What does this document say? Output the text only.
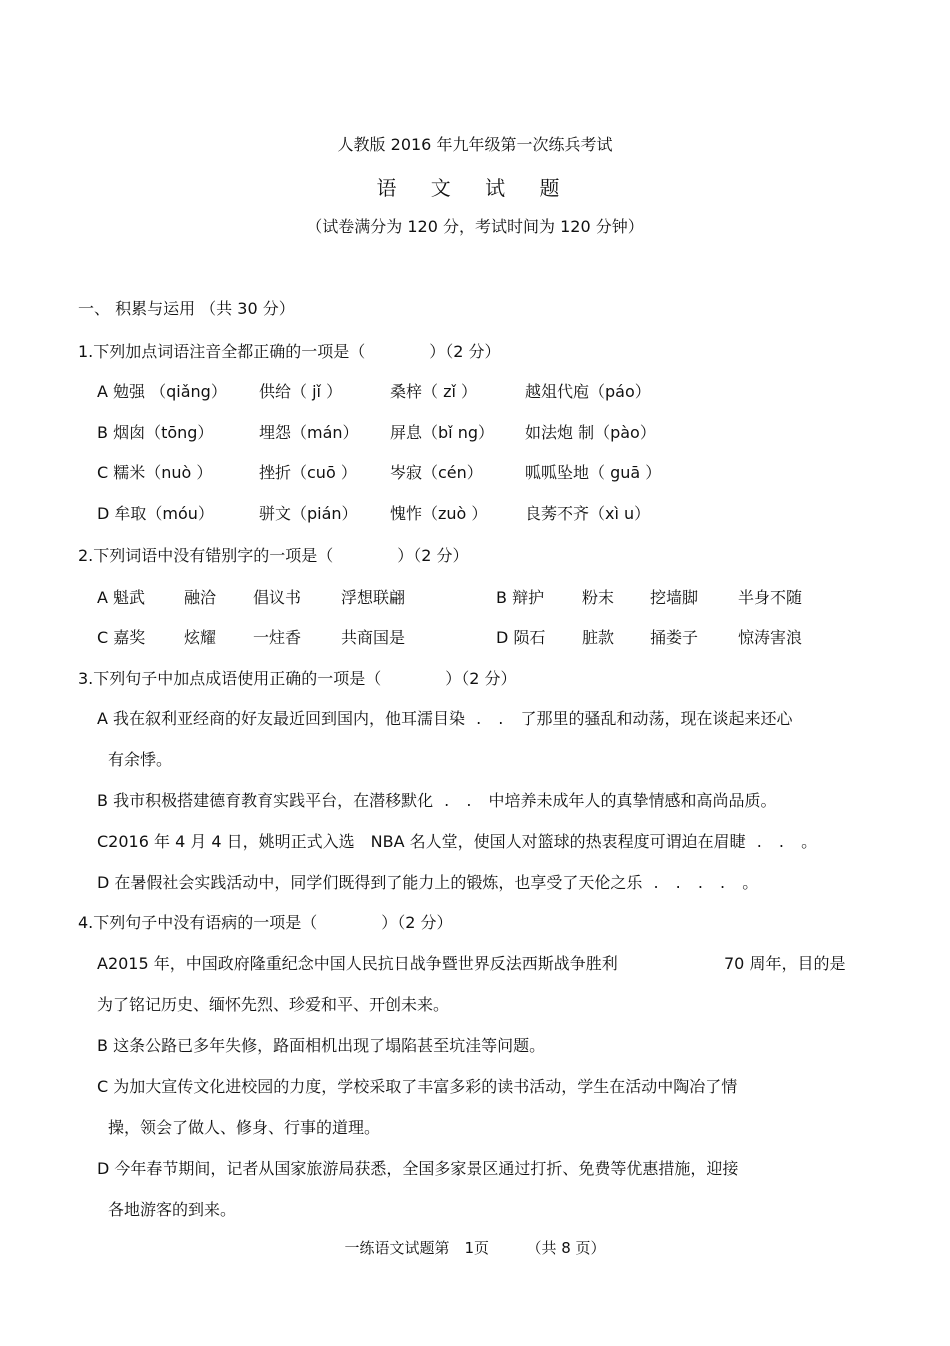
人教版 2016 年九年级第一次练兵考试
语 文 试 题
（试卷满分为 120 分，考试时间为 120 分钟）
一、 积累与运用 （共 30 分）
1.下列加点词语注音全都正确的一项是（　　　　）（2 分）
A 勉强 （qiǎng） 供给（ jǐ ）	桑梓（ zǐ ）	越俎代庖（páo）
B 烟囱（tōng）	埋怨（mán） 屏息（bǐ ng） 如法炮 制（pào）
C 糯米（nuò ）	挫折（cuō ） 岑寂（cén）	呱呱坠地（ guā ）
D 牟取（móu）	骈文（pián） 愧怍（zuò ） 良莠不齐（xì u）
2.下列词语中没有错别字的一项是（　　　　）（2 分）
A 魁武 融洽 倡议书 浮想联翩	B 辩护 粉末 挖墙脚 半身不随
C 嘉奖 炫耀 一炷香 共商国是	D 陨石 脏款 捅娄子 惊涛害浪
3.下列句子中加点成语使用正确的一项是（　　　　）（2 分）
A 我在叙利亚经商的好友最近回到国内，他耳濡目染 . . 了那里的骚乱和动荡，现在谈起来还心
有余悸。
B 我市积极搭建德育教育实践平台，在潜移默化 . . 中培养未成年人的真挚情感和高尚品质。
C2016 年 4 月 4 日，姚明正式入选　NBA 名人堂，使国人对篮球的热衷程度可谓迫在眉睫 . . 。
D 在暑假社会实践活动中，同学们既得到了能力上的锻炼，也享受了天伦之乐 . . . . 。
4.下列句子中没有语病的一项是（　　　　）（2 分）
A2015 年，中国政府隆重纪念中国人民抗日战争暨世界反法西斯战争胜利	70 周年，目的是
为了铭记历史、缅怀先烈、珍爱和平、开创未来。
B 这条公路已多年失修，路面相机出现了塌陷甚至坑洼等问题。
C 为加大宣传文化进校园的力度，学校采取了丰富多彩的读书活动，学生在活动中陶冶了情
操，领会了做人、修身、行事的道理。
D 今年春节期间，记者从国家旅游局获悉，全国多家景区通过打折、免费等优惠措施，迎接
各地游客的到来。
一练语文试题第　1页　　　（共 8 页）
